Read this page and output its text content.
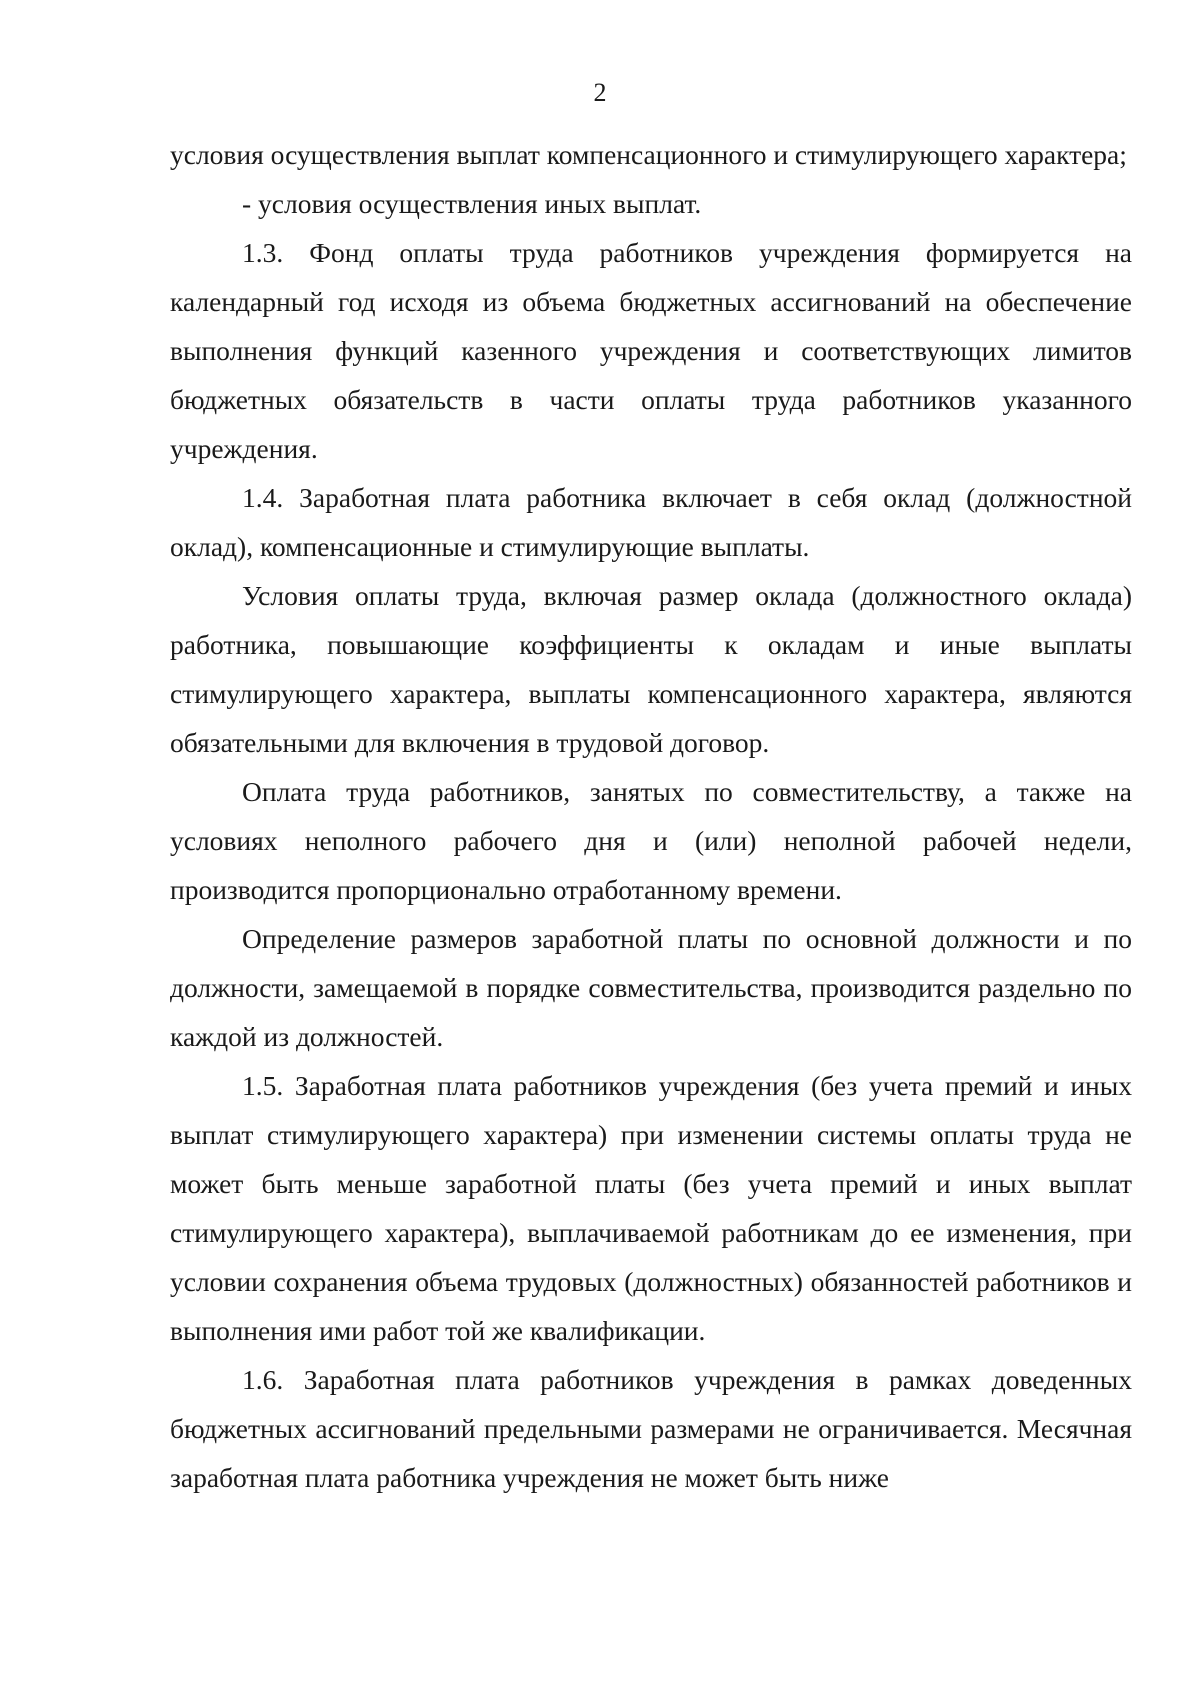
2

условия осуществления выплат компенсационного и стимулирующего характера;

- условия осуществления иных выплат.

1.3. Фонд оплаты труда работников учреждения формируется на календарный год исходя из объема бюджетных ассигнований на обеспечение выполнения функций казенного учреждения и соответствующих лимитов бюджетных обязательств в части оплаты труда работников указанного учреждения.

1.4. Заработная плата работника включает в себя оклад (должностной оклад), компенсационные и стимулирующие выплаты.

Условия оплаты труда, включая размер оклада (должностного оклада) работника, повышающие коэффициенты к окладам и иные выплаты стимулирующего характера, выплаты компенсационного характера, являются обязательными для включения в трудовой договор.

Оплата труда работников, занятых по совместительству, а также на условиях неполного рабочего дня и (или) неполной рабочей недели, производится пропорционально отработанному времени.

Определение размеров заработной платы по основной должности и по должности, замещаемой в порядке совместительства, производится раздельно по каждой из должностей.

1.5. Заработная плата работников учреждения (без учета премий и иных выплат стимулирующего характера) при изменении системы оплаты труда не может быть меньше заработной платы (без учета премий и иных выплат стимулирующего характера), выплачиваемой работникам до ее изменения, при условии сохранения объема трудовых (должностных) обязанностей работников и выполнения ими работ той же квалификации.

1.6. Заработная плата работников учреждения в рамках доведенных бюджетных ассигнований предельными размерами не ограничивается. Месячная заработная плата работника учреждения не может быть ниже
